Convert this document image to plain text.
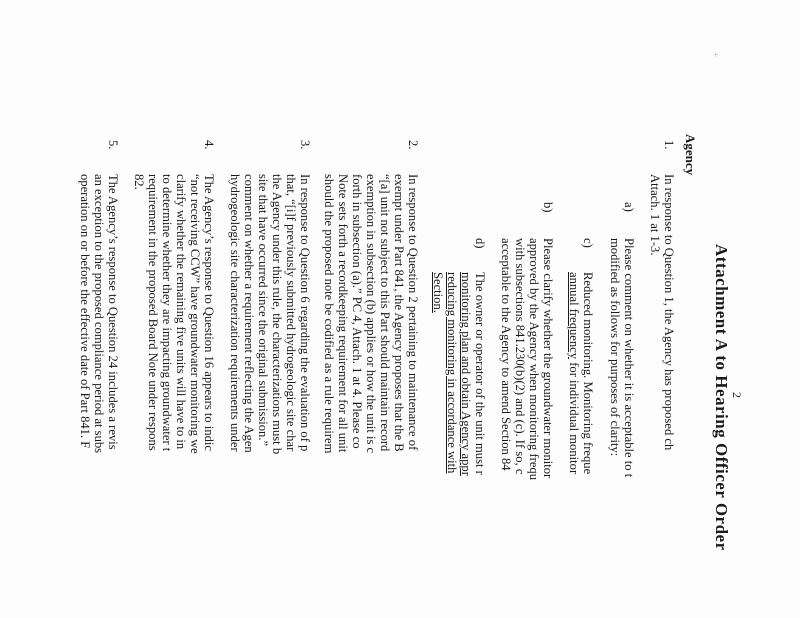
+
2
Attachment A to Hearing Officer Order
Agency
1.
In response to Question 1, the Agency has proposed ch
Attach. 1 at 1-3.
a)
Please comment on whether it is acceptable to t
modified as follows for purposes of clarity:
c)
Reduced monitoring. Monitoring freque
annual frequency for individual monitor
b)
Please clarify whether the groundwater monitor
approved by the Agency when monitoring frequ
with subsections 841.230(b)(2) and (c). If so, c
acceptable to the Agency to amend Section 84
d)
The owner or operator of the unit must r
monitoring plan and obtain Agency appr
reducing monitoring in accordance with
Section.
2.
In response to Question 2 pertaining to maintenance of
exempt under Part 841, the Agency proposes that the B
“[a] unit not subject to this Part should maintain record
exemption in subsection (b) applies or how the unit is c
forth in subsection (a).” PC 4, Attach. 1 at 4. Please co
Note sets forth a recordkeeping requirement for all unit
should the proposed note be codified as a rule requirem
3.
In response to Question 6 regarding the evaluation of p
that, “[i]f previously submitted hydrogeologic site char
the Agency under this rule, the characterizations must b
site that have occurred since the original submission.”
comment on whether a requirement reflecting the Agen
hydrogeologic site characterization requirements under
4.
The Agency’s response to Question 16 appears to indic
“not receiving CCW” have groundwater monitoring we
clarify whether the remaining five units will have to in
to determine whether they are impacting groundwater t
requirement in the proposed Board Note under respons
82.
5.
The Agency’s response to Question 24 includes a revis
an exception to the proposed compliance period at subs
operation on or before the effective date of Part 841. F
